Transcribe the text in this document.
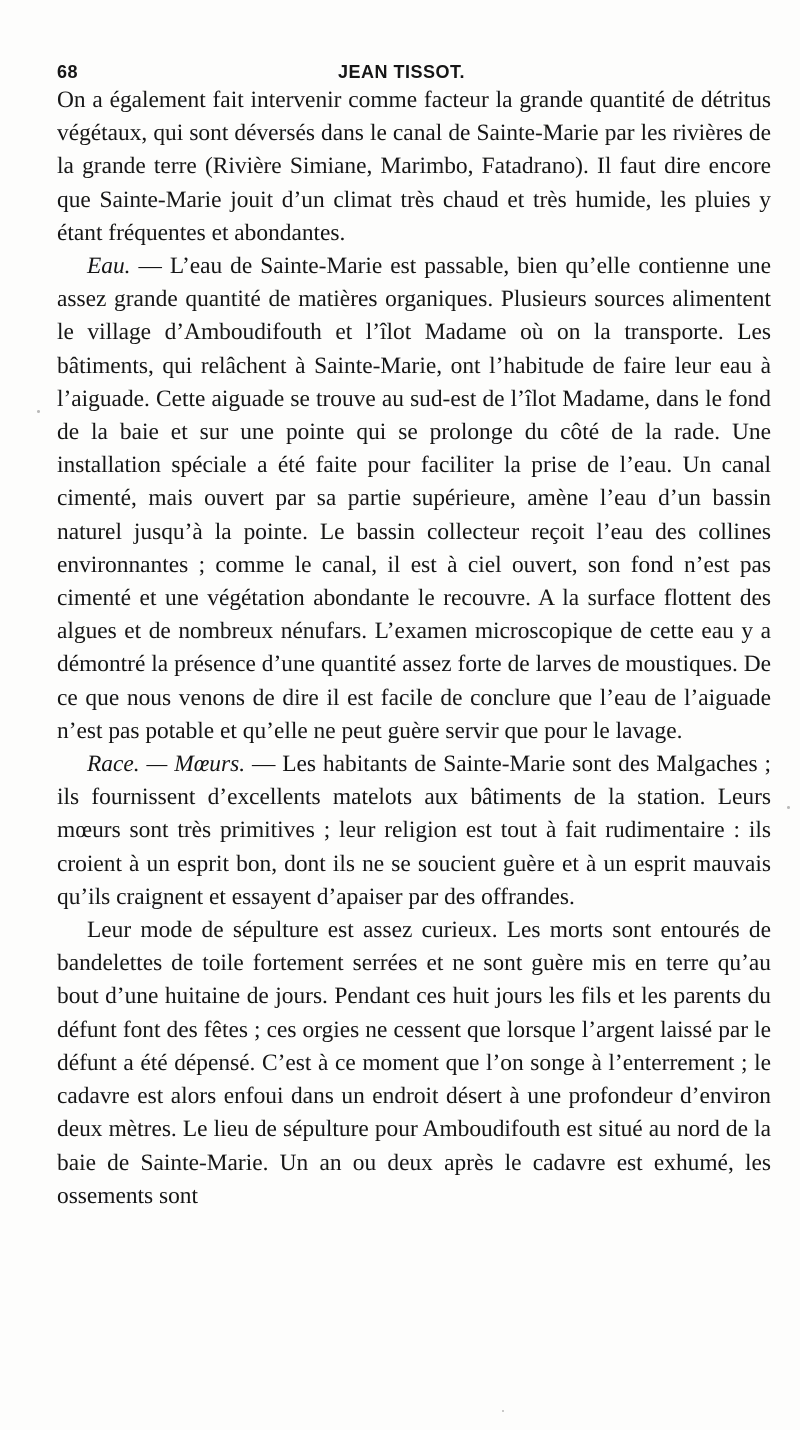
68	JEAN TISSOT.

On a également fait intervenir comme facteur la grande quantité de détritus végétaux, qui sont déversés dans le canal de Sainte-Marie par les rivières de la grande terre (Rivière Simiane, Marimbo, Fatadrano). Il faut dire encore que Sainte-Marie jouit d’un climat très chaud et très humide, les pluies y étant fréquentes et abondantes.

Eau. — L’eau de Sainte-Marie est passable, bien qu’elle contienne une assez grande quantité de matières organiques. Plusieurs sources alimentent le village d’Amboudifouth et l’îlot Madame où on la transporte. Les bâtiments, qui relâchent à Sainte-Marie, ont l’habitude de faire leur eau à l’aiguade. Cette aiguade se trouve au sud-est de l’îlot Madame, dans le fond de la baie et sur une pointe qui se prolonge du côté de la rade. Une installation spéciale a été faite pour faciliter la prise de l’eau. Un canal cimenté, mais ouvert par sa partie supérieure, amène l’eau d’un bassin naturel jusqu’à la pointe. Le bassin collecteur reçoit l’eau des collines environnantes ; comme le canal, il est à ciel ouvert, son fond n’est pas cimenté et une végétation abondante le recouvre. A la surface flottent des algues et de nombreux nénufars. L’examen microscopique de cette eau y a démontré la présence d’une quantité assez forte de larves de moustiques. De ce que nous venons de dire il est facile de conclure que l’eau de l’aiguade n’est pas potable et qu’elle ne peut guère servir que pour le lavage.

Race. — Mœurs. — Les habitants de Sainte-Marie sont des Malgaches ; ils fournissent d’excellents matelots aux bâtiments de la station. Leurs mœurs sont très primitives ; leur religion est tout à fait rudimentaire : ils croient à un esprit bon, dont ils ne se soucient guère et à un esprit mauvais qu’ils craignent et essayent d’apaiser par des offrandes.

Leur mode de sépulture est assez curieux. Les morts sont entourés de bandelettes de toile fortement serrées et ne sont guère mis en terre qu’au bout d’une huitaine de jours. Pendant ces huit jours les fils et les parents du défunt font des fêtes ; ces orgies ne cessent que lorsque l’argent laissé par le défunt a été dépensé. C’est à ce moment que l’on songe à l’enterrement ; le cadavre est alors enfoui dans un endroit désert à une profondeur d’environ deux mètres. Le lieu de sépulture pour Amboudifouth est situé au nord de la baie de Sainte-Marie. Un an ou deux après le cadavre est exhumé, les ossements sont
